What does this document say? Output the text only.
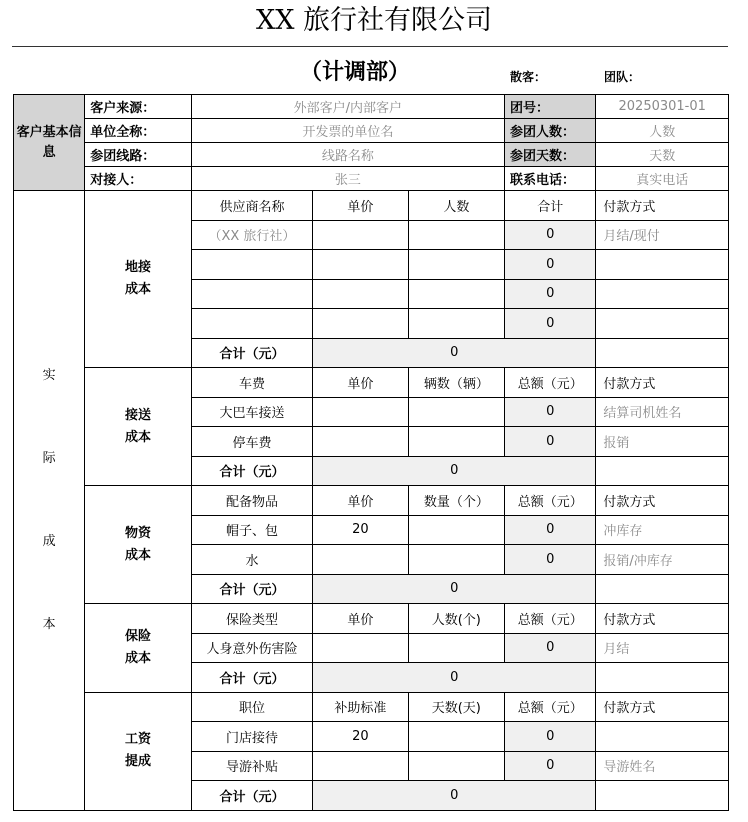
XX 旅行社有限公司
（计调部）	散客：	团队：
客户基本信息	客户来源：	外部客户/内部客户			团号：	20250301-01
	单位全称：	开发票的单位名			参团人数：	人数
	参团线路：	线路名称			参团天数：	天数
	对接人：	张三			联系电话：	真实电话

实
际
成
本	地接成本	供应商名称	单价	人数	合计	付款方式
		（XX 旅行社）			0	月结/现付
					0	
					0	
					0	
		合计（元）	0			

	接送成本	车费	单价	辆数（辆）	总额（元）	付款方式
		大巴车接送			0	结算司机姓名
		停车费			0	报销
		合计（元）	0			

	物资成本	配备物品	单价	数量（个）	总额（元）	付款方式
		帽子、包	20		0	冲库存
		水			0	报销/冲库存
		合计（元）	0			

	保险成本	保险类型	单价	人数(个)	总额（元）	付款方式
		人身意外伤害险			0	月结
		合计（元）	0			

	工资提成	职位	补助标准	天数(天)	总额（元）	付款方式
		门店接待	20		0	
		导游补贴			0	导游姓名
		合计（元）	0			
